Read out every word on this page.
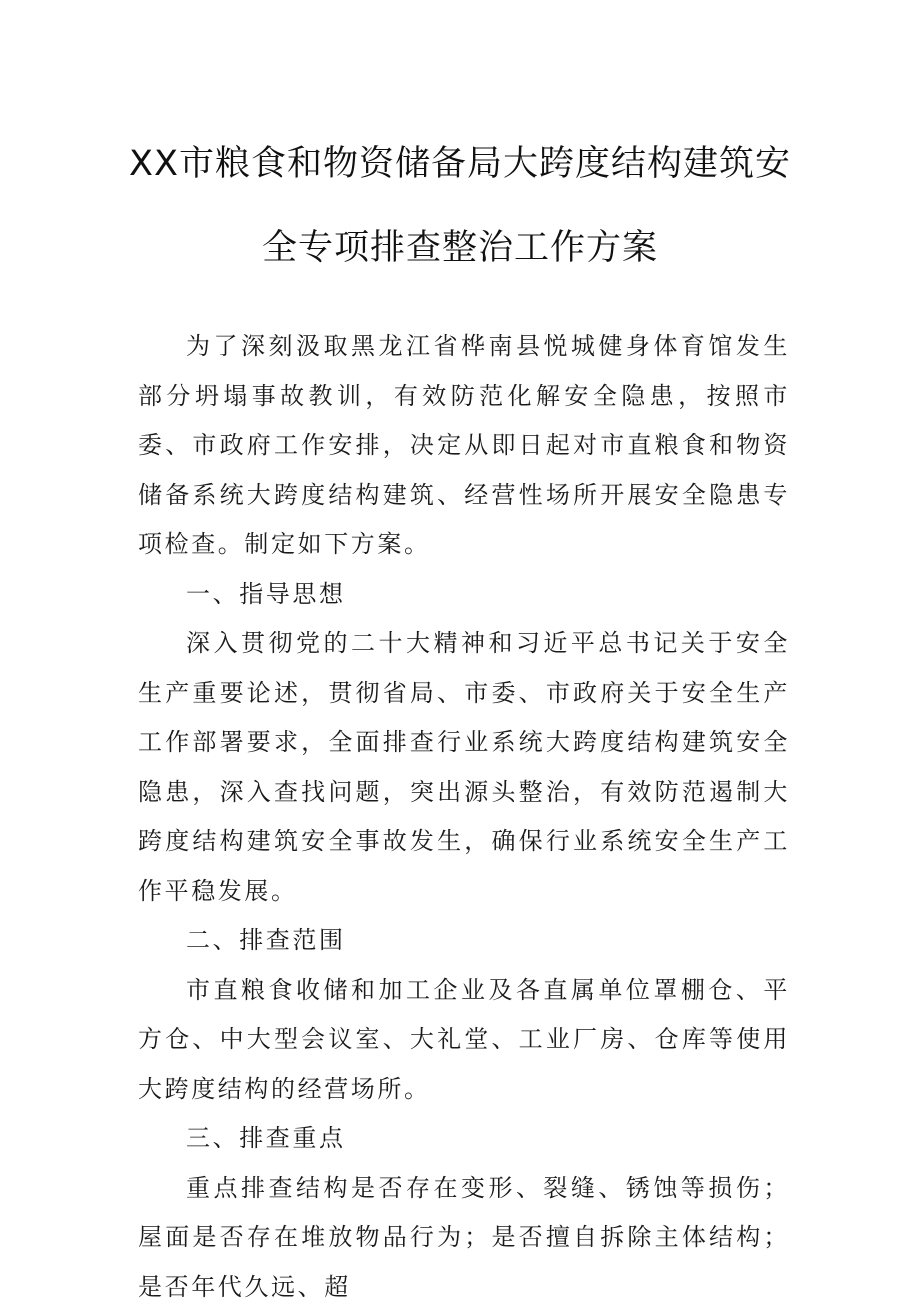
XX市粮食和物资储备局大跨度结构建筑安
全专项排查整治工作方案

为了深刻汲取黑龙江省桦南县悦城健身体育馆发生部分坍塌事故教训，有效防范化解安全隐患，按照市委、市政府工作安排，决定从即日起对市直粮食和物资储备系统大跨度结构建筑、经营性场所开展安全隐患专项检查。制定如下方案。

一、指导思想

深入贯彻党的二十大精神和习近平总书记关于安全生产重要论述，贯彻省局、市委、市政府关于安全生产工作部署要求，全面排查行业系统大跨度结构建筑安全隐患，深入查找问题，突出源头整治，有效防范遏制大跨度结构建筑安全事故发生，确保行业系统安全生产工作平稳发展。

二、排查范围

市直粮食收储和加工企业及各直属单位罩棚仓、平方仓、中大型会议室、大礼堂、工业厂房、仓库等使用大跨度结构的经营场所。

三、排查重点

重点排查结构是否存在变形、裂缝、锈蚀等损伤；屋面是否存在堆放物品行为；是否擅自拆除主体结构；是否年代久远、超
